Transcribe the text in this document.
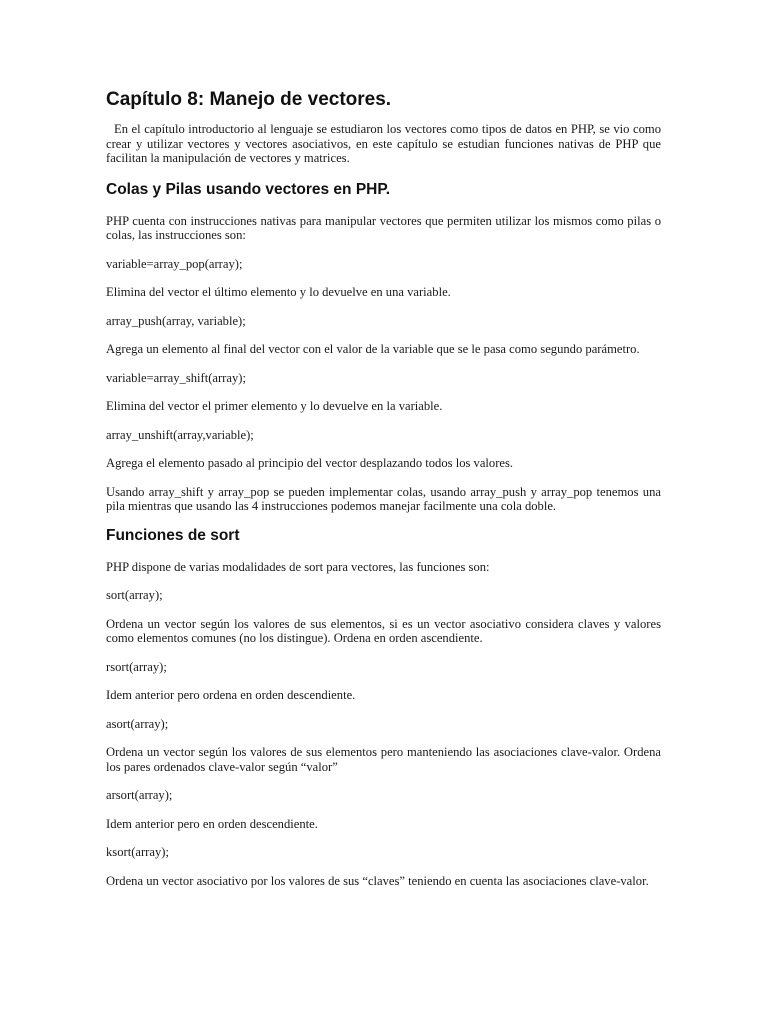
Capítulo 8: Manejo de vectores.

En el capítulo introductorio al lenguaje se estudiaron los vectores como tipos de datos en PHP, se vio como crear y utilizar vectores y vectores asociativos, en este capítulo se estudian funciones nativas de PHP que facilitan la manipulación de vectores y matrices.

Colas y Pilas usando vectores en PHP.

PHP cuenta con instrucciones nativas para manipular vectores que permiten utilizar los mismos como pilas o colas, las instrucciones son:

variable=array_pop(array);

Elimina del vector el último elemento y lo devuelve en una variable.

array_push(array, variable);

Agrega un elemento al final del vector con el valor de la variable que se le pasa como segundo parámetro.

variable=array_shift(array);

Elimina del vector el primer elemento y lo devuelve en la variable.

array_unshift(array,variable);

Agrega el elemento pasado al principio del vector desplazando todos los valores.

Usando array_shift y array_pop se pueden implementar colas, usando array_push y array_pop tenemos una pila mientras que usando las 4 instrucciones podemos manejar facilmente una cola doble.

Funciones de sort

PHP dispone de varias modalidades de sort para vectores, las funciones son:

sort(array);

Ordena un vector según los valores de sus elementos, si es un vector asociativo considera claves y valores como elementos comunes (no los distingue). Ordena en orden ascendiente.

rsort(array);

Idem anterior pero ordena en orden descendiente.

asort(array);

Ordena un vector según los valores de sus elementos pero manteniendo las asociaciones clave-valor. Ordena los pares ordenados clave-valor según “valor”

arsort(array);

Idem anterior pero en orden descendiente.

ksort(array);

Ordena un vector asociativo por los valores de sus “claves” teniendo en cuenta las asociaciones clave-valor.
